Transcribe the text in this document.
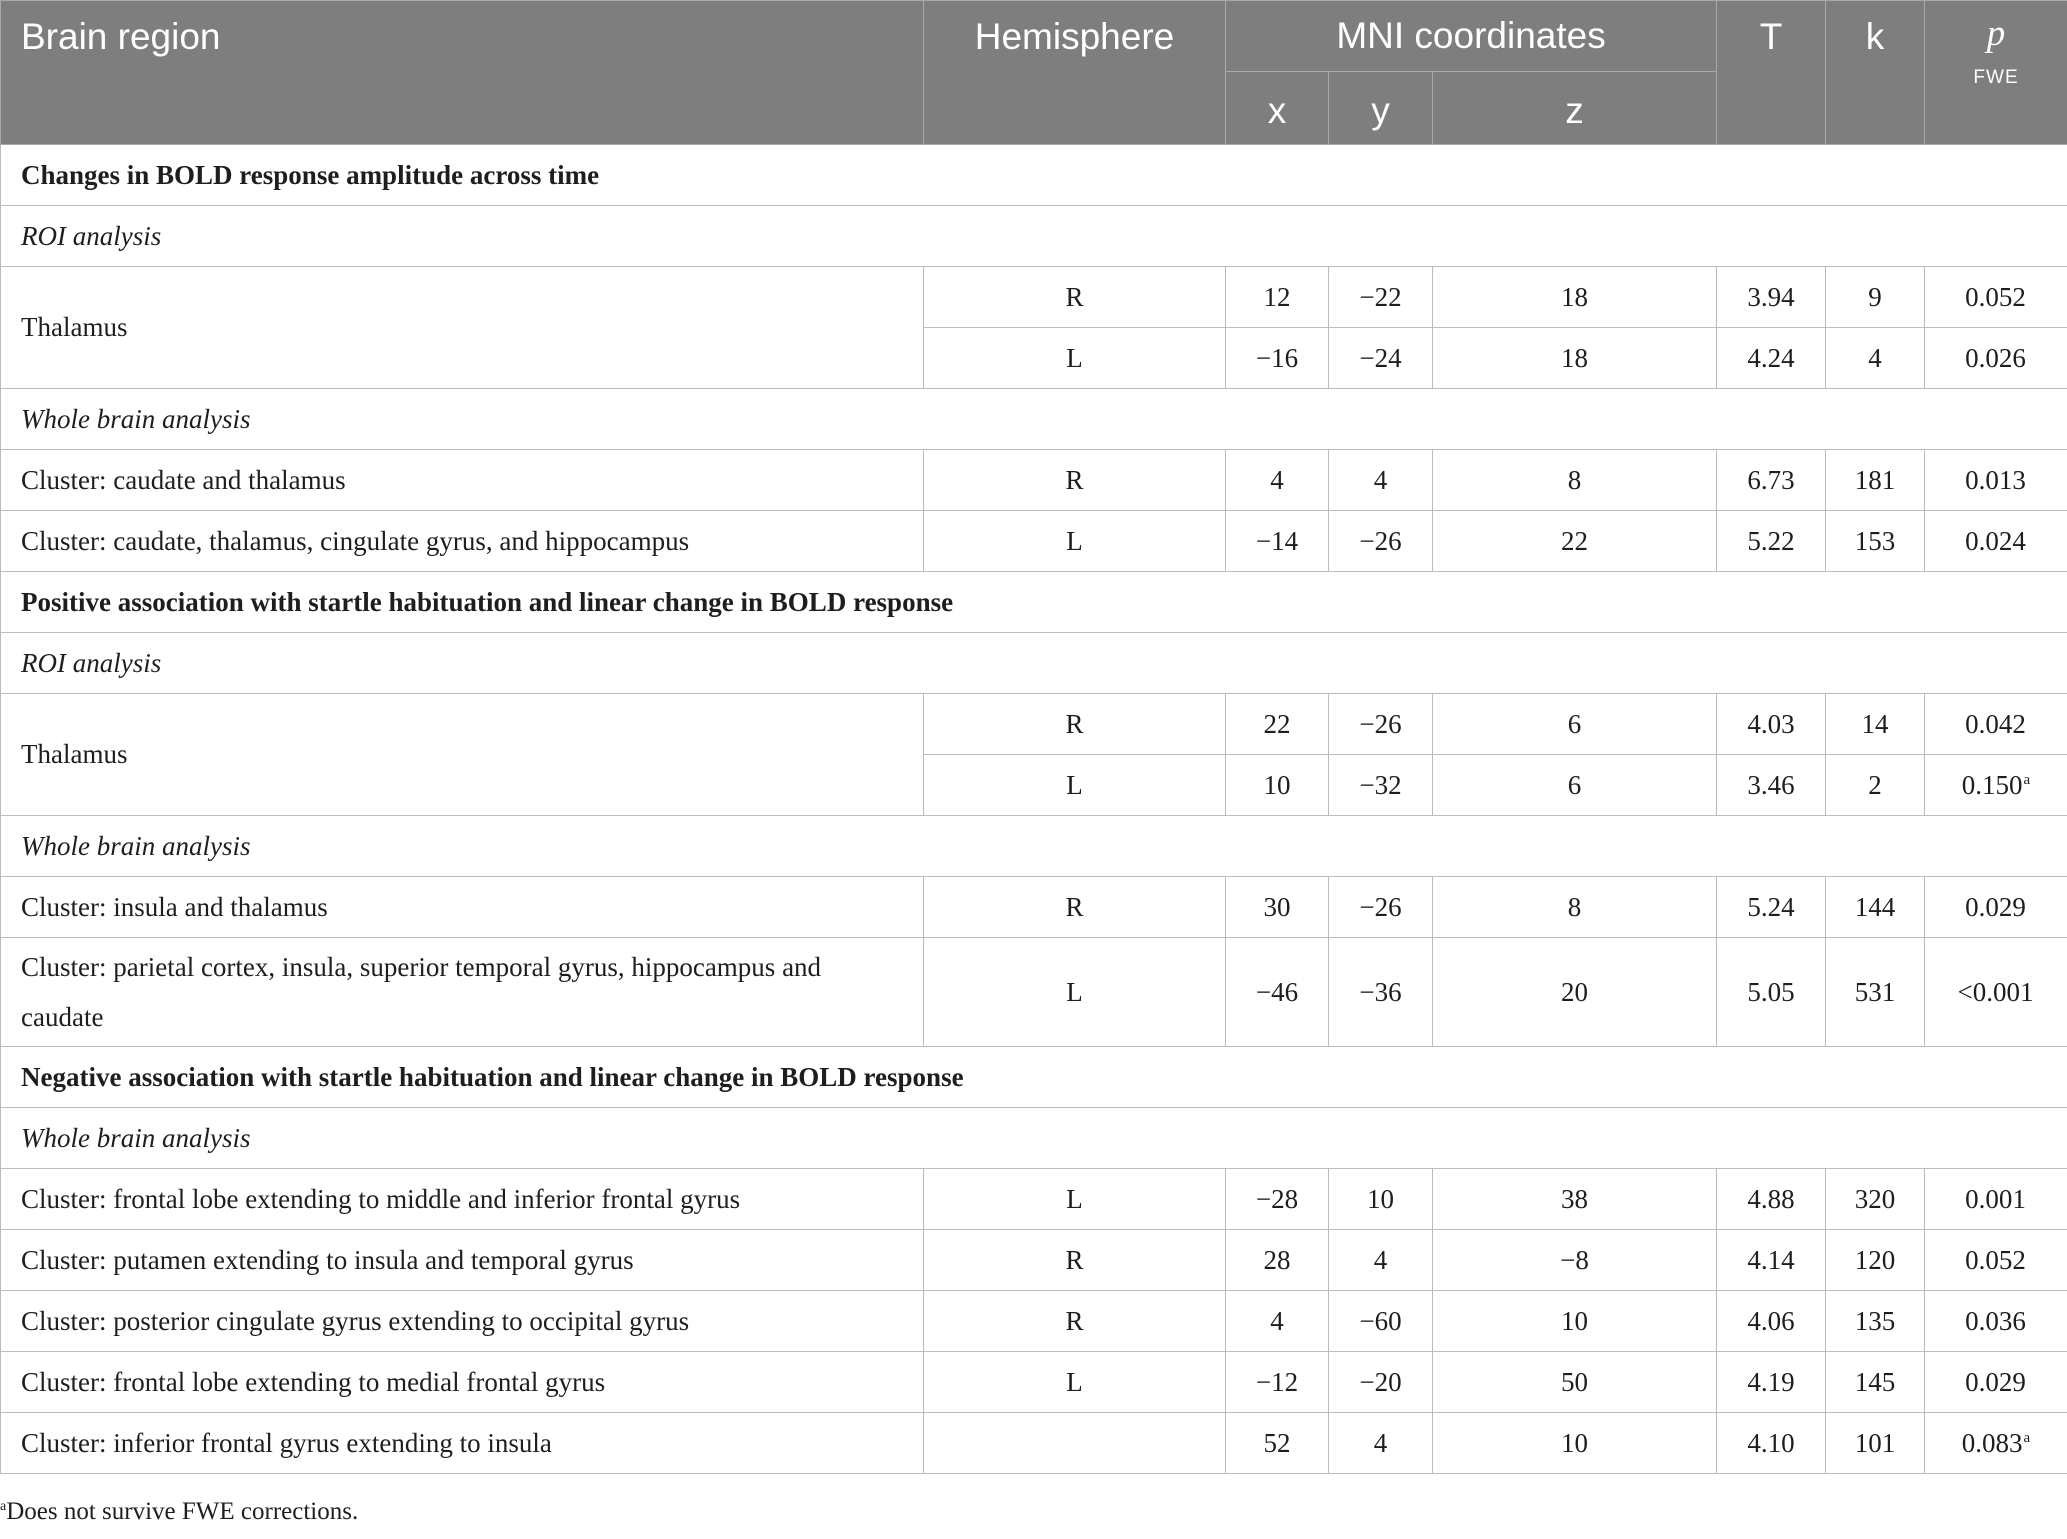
Brain region	Hemisphere	MNI coordinates			T	k	p
FWE

		x	y	z			
Changes in BOLD response amplitude across time							
ROI analysis							
Thalamus	R	12	−22	18	3.94	9	0.052
	L	−16	−24	18	4.24	4	0.026
Whole brain analysis							
Cluster: caudate and thalamus	R	4	4	8	6.73	181	0.013
Cluster: caudate, thalamus, cingulate gyrus, and hippocampus	L	−14	−26	22	5.22	153	0.024
Positive association with startle habituation and linear change in BOLD response							
ROI analysis							
Thalamus	R	22	−26	6	4.03	14	0.042
	L	10	−32	6	3.46	2	0.150$^a$
Whole brain analysis							
Cluster: insula and thalamus	R	30	−26	8	5.24	144	0.029
Cluster: parietal cortex, insula, superior temporal gyrus, hippocampus and caudate	L	−46	−36	20	5.05	531	<0.001
Negative association with startle habituation and linear change in BOLD response							
Whole brain analysis							
Cluster: frontal lobe extending to middle and inferior frontal gyrus	L	−28	10	38	4.88	320	0.001
Cluster: putamen extending to insula and temporal gyrus	R	28	4	−8	4.14	120	0.052
Cluster: posterior cingulate gyrus extending to occipital gyrus	R	4	−60	10	4.06	135	0.036
Cluster: frontal lobe extending to medial frontal gyrus	L	−12	−20	50	4.19	145	0.029
Cluster: inferior frontal gyrus extending to insula		52	4	10	4.10	101	0.083$^a$
$^a$Does not survive FWE corrections.
